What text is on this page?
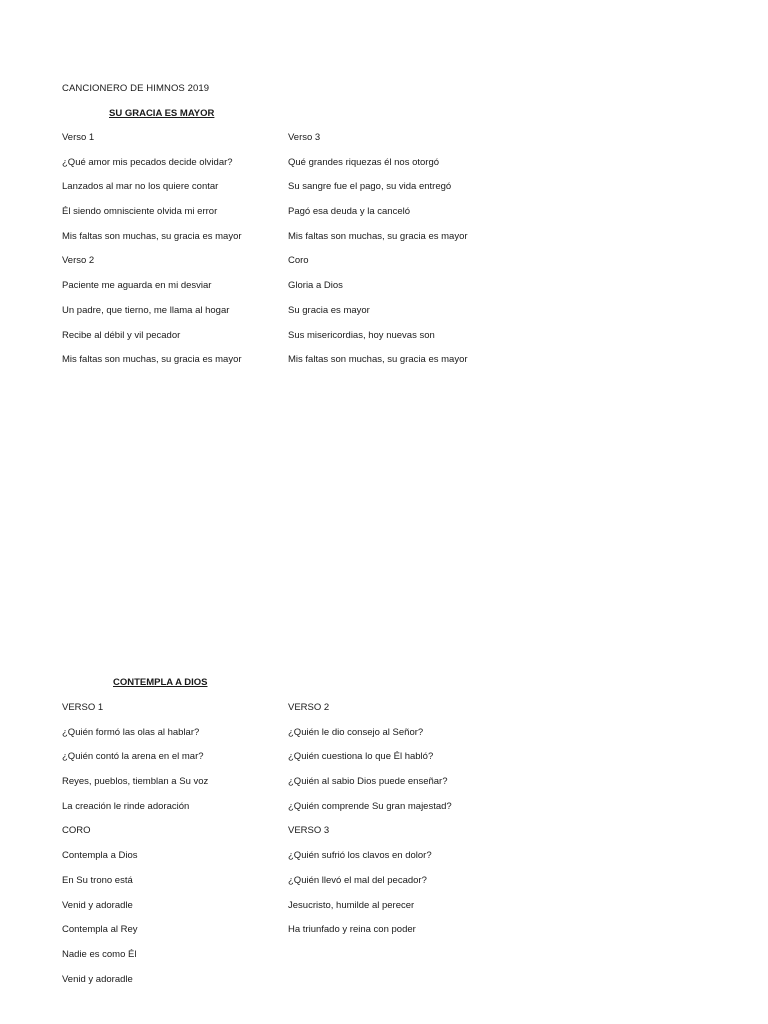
CANCIONERO DE HIMNOS 2019
SU GRACIA ES MAYOR
Verso 1
¿Qué amor mis pecados decide olvidar?
Lanzados al mar no los quiere contar
Él siendo omnisciente olvida mi error
Mis faltas son muchas, su gracia es mayor
Verso 2
Paciente me aguarda en mi desviar
Un padre, que tierno, me llama al hogar
Recibe al débil y vil pecador
Mis faltas son muchas, su gracia es mayor
Verso 3
Qué grandes riquezas él nos otorgó
Su sangre fue el pago, su vida entregó
Pagó esa deuda y la canceló
Mis faltas son muchas, su gracia es mayor
Coro
Gloria a Dios
Su gracia es mayor
Sus misericordias, hoy nuevas son
Mis faltas son muchas, su gracia es mayor
CONTEMPLA A DIOS
VERSO 1
¿Quién formó las olas al hablar?
¿Quién contó la arena en el mar?
Reyes, pueblos, tiemblan a Su voz
La creación le rinde adoración
CORO
Contempla a Dios
En Su trono está
Venid y adoradle
Contempla al Rey
Nadie es como Él
Venid y adoradle
VERSO 2
¿Quién le dio consejo al Señor?
¿Quién cuestiona lo que Él habló?
¿Quién al sabio Dios puede enseñar?
¿Quién comprende Su gran majestad?
VERSO 3
¿Quién sufrió los clavos en dolor?
¿Quién llevó el mal del pecador?
Jesucristo, humilde al perecer
Ha triunfado y reina con poder
